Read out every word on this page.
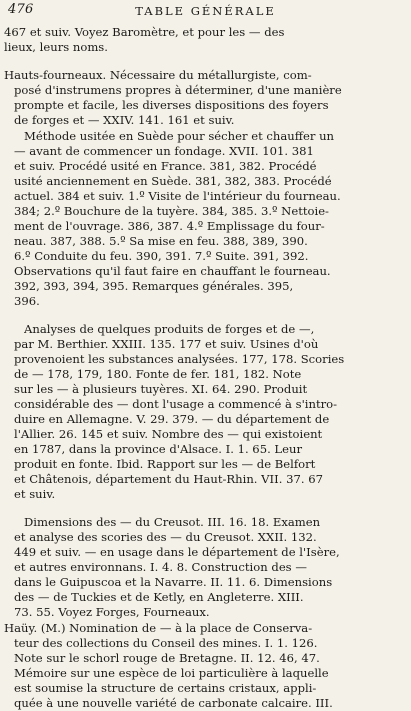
476	TABLE GÉNÉRALE
467 et suiv. Voyez Baromètre, et pour les — des
lieux, leurs noms.
Hauts-fourneaux. Nécessaire du métallurgiste, com-
posé d'instrumens propres à déterminer, d'une manière
prompte et facile, les diverses dispositions des foyers
de forges et — XXIV. 141. 161 et suiv.
Méthode usitée en Suède pour sécher et chauffer un
— avant de commencer un fondage. XVII. 101. 381
et suiv. Procédé usité en France. 381, 382. Procédé
usité anciennement en Suède. 381, 382, 383. Procédé
actuel. 384 et suiv. 1.º Visite de l'intérieur du fourneau.
384; 2.º Bouchure de la tuyère. 384, 385. 3.º Nettoie-
ment de l'ouvrage. 386, 387. 4.º Emplissage du four-
neau. 387, 388. 5.º Sa mise en feu. 388, 389, 390.
6.º Conduite du feu. 390, 391. 7.º Suite. 391, 392.
Observations qu'il faut faire en chauffant le fourneau.
392, 393, 394, 395. Remarques générales. 395,
396.
Analyses de quelques produits de forges et de —,
par M. Berthier. XXIII. 135. 177 et suiv. Usines d'où
provenoient les substances analysées. 177, 178. Scories
de — 178, 179, 180. Fonte de fer. 181, 182. Note
sur les — à plusieurs tuyères. XI. 64. 290. Produit
considérable des — dont l'usage a commencé à s'intro-
duire en Allemagne. V. 29. 379. — du département de
l'Allier. 26. 145 et suiv. Nombre des — qui existoient
en 1787, dans la province d'Alsace. I. 1. 65. Leur
produit en fonte. Ibid. Rapport sur les — de Belfort
et Châtenois, département du Haut-Rhin. VII. 37. 67
et suiv.
Dimensions des — du Creusot. III. 16. 18. Examen
et analyse des scories des — du Creusot. XXII. 132.
449 et suiv. — en usage dans le département de l'Isère,
et autres environnans. I. 4. 8. Construction des —
dans le Guipuscoa et la Navarre. II. 11. 6. Dimensions
des — de Tuckies et de Ketly, en Angleterre. XIII.
73. 55. Voyez Forges, Fourneaux.
Haüy. (M.) Nomination de — à la place de Conserva-
teur des collections du Conseil des mines. I. 1. 126.
Note sur le schorl rouge de Bretagne. II. 12. 46, 47.
Mémoire sur une espèce de loi particulière à laquelle
est soumise la structure de certains cristaux, appli-
quée à une nouvelle variété de carbonate calcaire. III.
